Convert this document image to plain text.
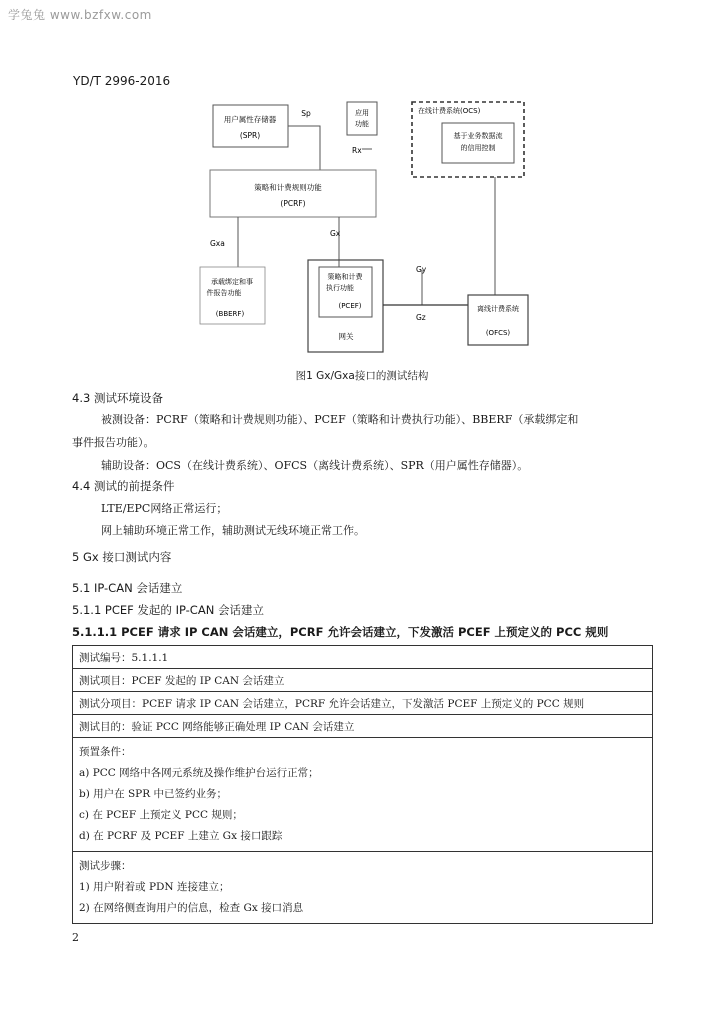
学兔兔 www.bzfxw.com
YD/T 2996-2016
用户属性存储器
(SPR)
Sp	应用
功能
Rx
在线计费系统(OCS)
基于业务数据流
的信用控制
策略和计费规则功能
(PCRF)
Gxa
Gx
承载绑定和事
件报告功能
(BBERF)
策略和计费
执行功能
(PCEF)
网关
Gy
Gz
离线计费系统
(OFCS)
图1 Gx/Gxa接口的测试结构
4.3 测试环境设备
被测设备：PCRF（策略和计费规则功能）、PCEF（策略和计费执行功能）、BBERF（承载绑定和
事件报告功能）。
辅助设备：OCS（在线计费系统）、OFCS（离线计费系统）、SPR（用户属性存储器）。
4.4 测试的前提条件
LTE/EPC网络正常运行；
网上辅助环境正常工作，辅助测试无线环境正常工作。
5 Gx 接口测试内容
5.1 IP-CAN 会话建立
5.1.1 PCEF 发起的 IP-CAN 会话建立
5.1.1.1 PCEF 请求 IP CAN 会话建立，PCRF 允许会话建立，下发激活 PCEF 上预定义的 PCC 规则
测试编号：5.1.1.1
测试项目：PCEF 发起的 IP CAN 会话建立
测试分项目：PCEF 请求 IP CAN 会话建立，PCRF 允许会话建立，下发激活 PCEF 上预定义的 PCC 规则
测试目的：验证 PCC 网络能够正确处理 IP CAN 会话建立

预置条件：
a) PCC 网络中各网元系统及操作维护台运行正常；
b) 用户在 SPR 中已签约业务；
c) 在 PCEF 上预定义 PCC 规则；
d) 在 PCRF 及 PCEF 上建立 Gx 接口跟踪

测试步骤：
1) 用户附着或 PDN 连接建立；
2) 在网络侧查询用户的信息，检查 Gx 接口消息
2
